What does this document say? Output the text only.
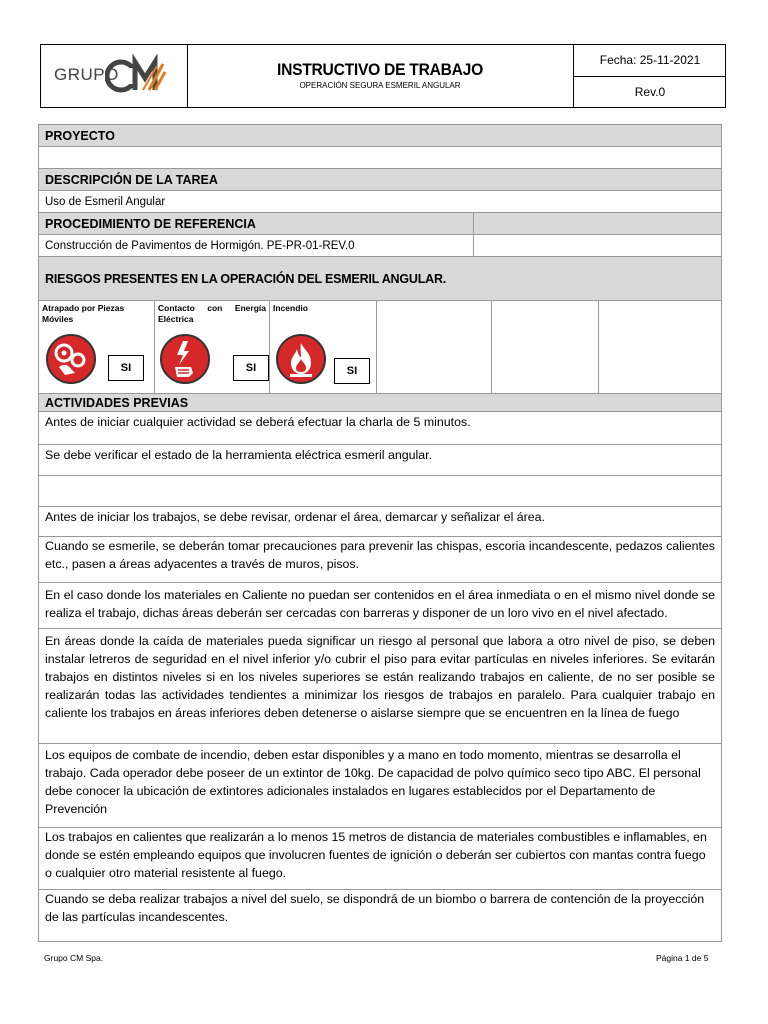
GRUPO	INSTRUCTIVO DE TRABAJO
OPERACIÓN SEGURA ESMERIL ANGULAR
Fecha: 25-11-2021
Rev.0
PROYECTO
DESCRIPCIÓN DE LA TAREA
Uso de Esmeril Angular
PROCEDIMIENTO DE REFERENCIA
Construcción de Pavimentos de Hormigón. PE-PR-01-REV.0
RIESGOS PRESENTES EN LA OPERACIÓN DEL ESMERIL ANGULAR.
Atrapado por Piezas Móviles
SI
Contacto con Energía
Eléctrica
SI
Incendio
SI
ACTIVIDADES PREVIAS
Antes de iniciar cualquier actividad se deberá efectuar la charla de 5 minutos.
Se debe verificar el estado de la herramienta eléctrica esmeril angular.
Antes de iniciar los trabajos, se debe revisar, ordenar el área, demarcar y señalizar el área.
Cuando se esmerile, se deberán tomar precauciones para prevenir las chispas, escoria incandescente, pedazos calientes etc., pasen a áreas adyacentes a través de muros, pisos.
En el caso donde los materiales en Caliente no puedan ser contenidos en el área inmediata o en el mismo nivel donde se realiza el trabajo, dichas áreas deberán ser cercadas con barreras y disponer de un loro vivo en el nivel afectado.
En áreas donde la caída de materiales pueda significar un riesgo al personal que labora a otro nivel de piso, se deben instalar letreros de seguridad en el nivel inferior y/o cubrir el piso para evitar partículas en niveles inferiores. Se evitarán trabajos en distintos niveles si en los niveles superiores se están realizando trabajos en caliente, de no ser posible se realizarán todas las actividades tendientes a minimizar los riesgos de trabajos en paralelo. Para cualquier trabajo en caliente los trabajos en áreas inferiores deben detenerse o aislarse siempre que se encuentren en la línea de fuego
Los equipos de combate de incendio, deben estar disponibles y a mano en todo momento, mientras se desarrolla el trabajo. Cada operador debe poseer de un extintor de 10kg. De capacidad de polvo químico seco tipo ABC. El personal debe conocer la ubicación de extintores adicionales instalados en lugares establecidos por el Departamento de Prevención
Los trabajos en calientes que realizarán a lo menos 15 metros de distancia de materiales combustibles e inflamables, en donde se estén empleando equipos que involucren fuentes de ignición o deberán ser cubiertos con mantas contra fuego o cualquier otro material resistente al fuego.
Cuando se deba realizar trabajos a nivel del suelo, se dispondrá de un biombo o barrera de contención de la proyección de las partículas incandescentes.
Grupo CM Spa.	Página 1 de 5
